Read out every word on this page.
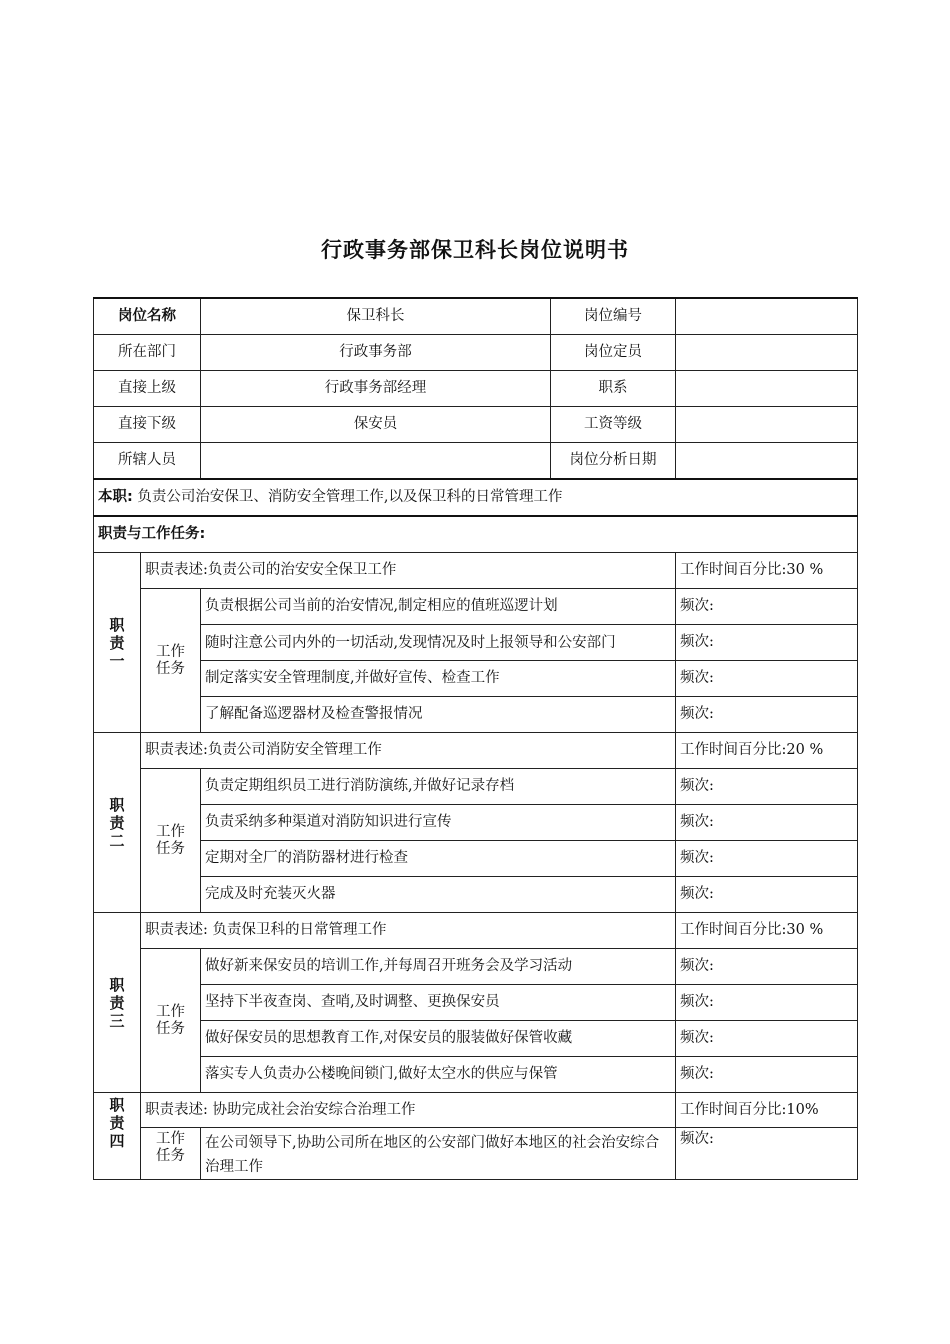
行政事务部保卫科长岗位说明书
岗位名称		保卫科长	岗位编号	
所在部门		行政事务部	岗位定员	
直接上级		行政事务部经理	职系	
直接下级		保安员	工资等级	
所辖人员			岗位分析日期	
本职: 负责公司治安保卫、消防安全管理工作,以及保卫科的日常管理工作				
职责与工作任务:				
职责一	职责表述:负责公司的治安安全保卫工作			工作时间百分比:30 %
	工作任务	负责根据公司当前的治安情况,制定相应的值班巡逻计划		频次:
		随时注意公司内外的一切活动,发现情况及时上报领导和公安部门		频次:
		制定落实安全管理制度,并做好宣传、检查工作		频次:
		了解配备巡逻器材及检查警报情况		频次:
职责二	职责表述:负责公司消防安全管理工作			工作时间百分比:20 %
	工作任务	负责定期组织员工进行消防演练,并做好记录存档		频次:
		负责采纳多种渠道对消防知识进行宣传		频次:
		定期对全厂的消防器材进行检查		频次:
		完成及时充装灭火器		频次:
职责三	职责表述: 负责保卫科的日常管理工作			工作时间百分比:30 %
	工作任务	做好新来保安员的培训工作,并每周召开班务会及学习活动		频次:
		坚持下半夜查岗、查哨,及时调整、更换保安员		频次:
		做好保安员的思想教育工作,对保安员的服装做好保管收藏		频次:
		落实专人负责办公楼晚间锁门,做好太空水的供应与保管		频次:
职责四	职责表述: 协助完成社会治安综合治理工作			工作时间百分比:10%
	工作任务	在公司领导下,协助公司所在地区的公安部门做好本地区的社会治安综合治理工作		频次:
